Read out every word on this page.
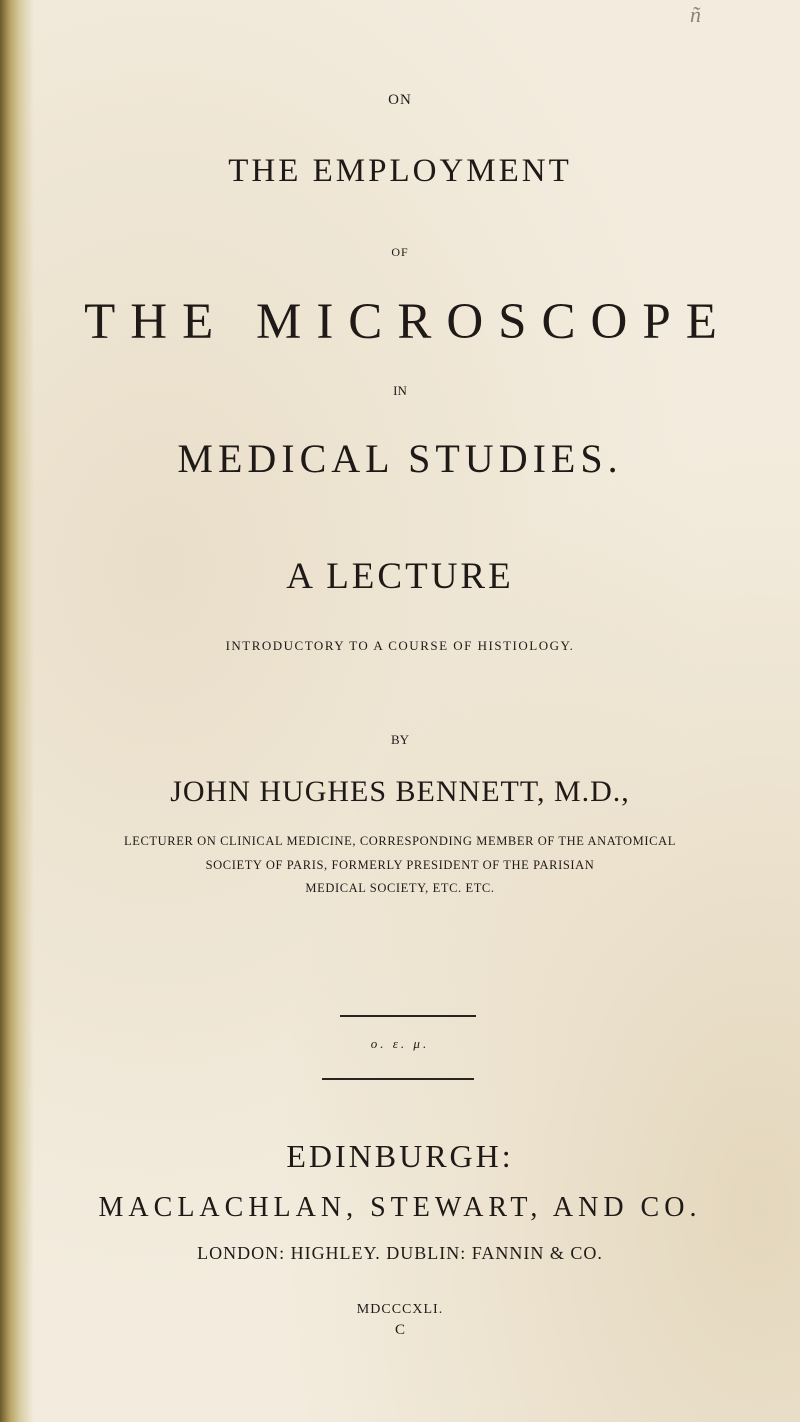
ñ
ON
THE EMPLOYMENT
OF
THE MICROSCOPE
IN
MEDICAL STUDIES.
A LECTURE
INTRODUCTORY TO A COURSE OF HISTIOLOGY.
BY
JOHN HUGHES BENNETT, M.D.,
LECTURER ON CLINICAL MEDICINE, CORRESPONDING MEMBER OF THE ANATOMICAL
SOCIETY OF PARIS, FORMERLY PRESIDENT OF THE PARISIAN
MEDICAL SOCIETY, ETC. ETC.
o. ε. μ.
EDINBURGH:
MACLACHLAN, STEWART, AND CO.
LONDON: HIGHLEY. DUBLIN: FANNIN & CO.
MDCCCXLI.
C
